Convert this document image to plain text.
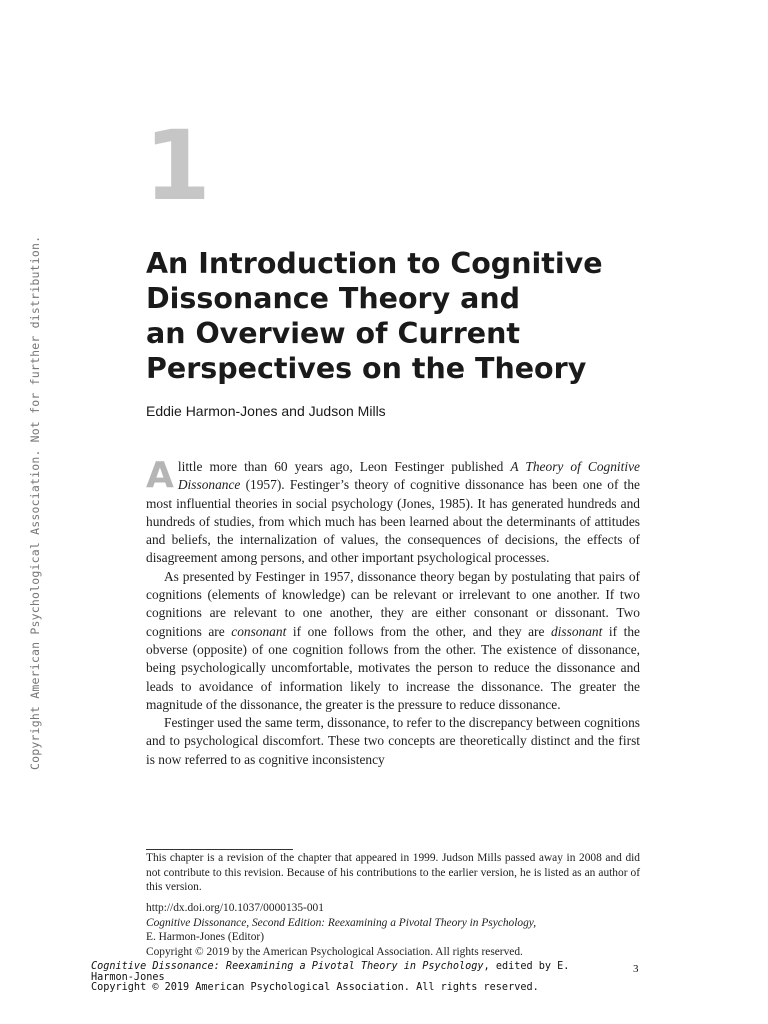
Copyright American Psychological Association. Not for further distribution.
1
An Introduction to Cognitive
Dissonance Theory and
an Overview of Current
Perspectives on the Theory
Eddie Harmon-Jones and Judson Mills

A little more than 60 years ago, Leon Festinger published A Theory of Cognitive Dissonance (1957). Festinger’s theory of cognitive dissonance has been one of the most influential theories in social psychology (Jones, 1985). It has generated hundreds and hundreds of studies, from which much has been learned about the determinants of attitudes and beliefs, the internalization of values, the consequences of decisions, the effects of disagreement among persons, and other important psychological processes.

As presented by Festinger in 1957, dissonance theory began by postulating that pairs of cognitions (elements of knowledge) can be relevant or irrelevant to one another. If two cognitions are relevant to one another, they are either consonant or dissonant. Two cognitions are consonant if one follows from the other, and they are dissonant if the obverse (opposite) of one cognition follows from the other. The existence of dissonance, being psychologically uncomfortable, motivates the person to reduce the dissonance and leads to avoidance of information likely to increase the dissonance. The greater the magnitude of the dissonance, the greater is the pressure to reduce dissonance.

Festinger used the same term, dissonance, to refer to the discrepancy between cognitions and to psychological discomfort. These two concepts are theoretically distinct and the first is now referred to as cognitive inconsistency

This chapter is a revision of the chapter that appeared in 1999. Judson Mills passed away in 2008 and did not contribute to this revision. Because of his contributions to the earlier version, he is listed as an author of this version.

http://dx.doi.org/10.1037/0000135-001
Cognitive Dissonance, Second Edition: Reexamining a Pivotal Theory in Psychology,
E. Harmon-Jones (Editor)
Copyright © 2019 by the American Psychological Association. All rights reserved.
Cognitive Dissonance: Reexamining a Pivotal Theory in Psychology, edited by E.
Harmon-Jones
Copyright © 2019 American Psychological Association. All rights reserved.
3
